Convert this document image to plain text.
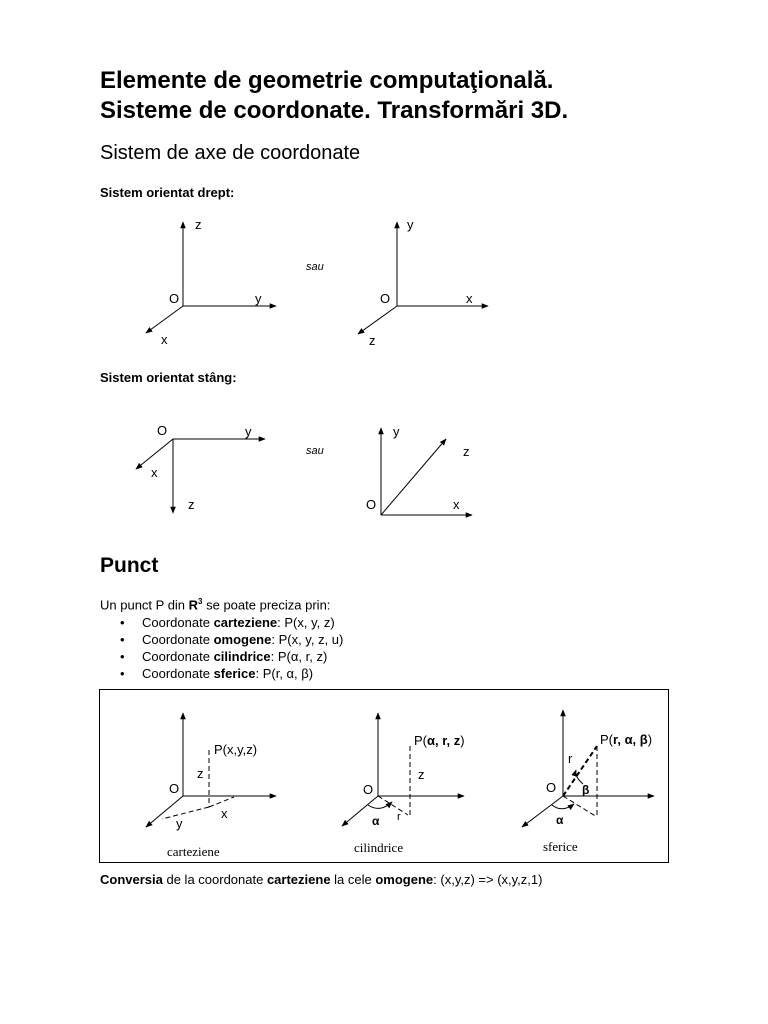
Elemente de geometrie computaţională.
Sisteme de coordonate. Transformări 3D.
Sistem de axe de coordonate
Sistem orientat drept:
Sistem orientat stâng:
z
y
O
x
sau
y
x
O
z
O	y
x
z
sau
y
z
O	x
Punct
Un punct P din $R^3$ se poate preciza prin:
• Coordonate carteziene: P(x, y, z)
• Coordonate omogene: P(x, y, z, u)
• Coordonate cilindrice: P(α, r, z)
• Coordonate sferice: P(r, α, β)
P(x,y,z)
z
O
x
y
carteziene
P(α, r, z)
z
O
r
α
cilindrice
P(r, α, β)
r
O β
α
sferice
Conversia de la coordonate carteziene la cele omogene: (x,y,z) => (x,y,z,1)
